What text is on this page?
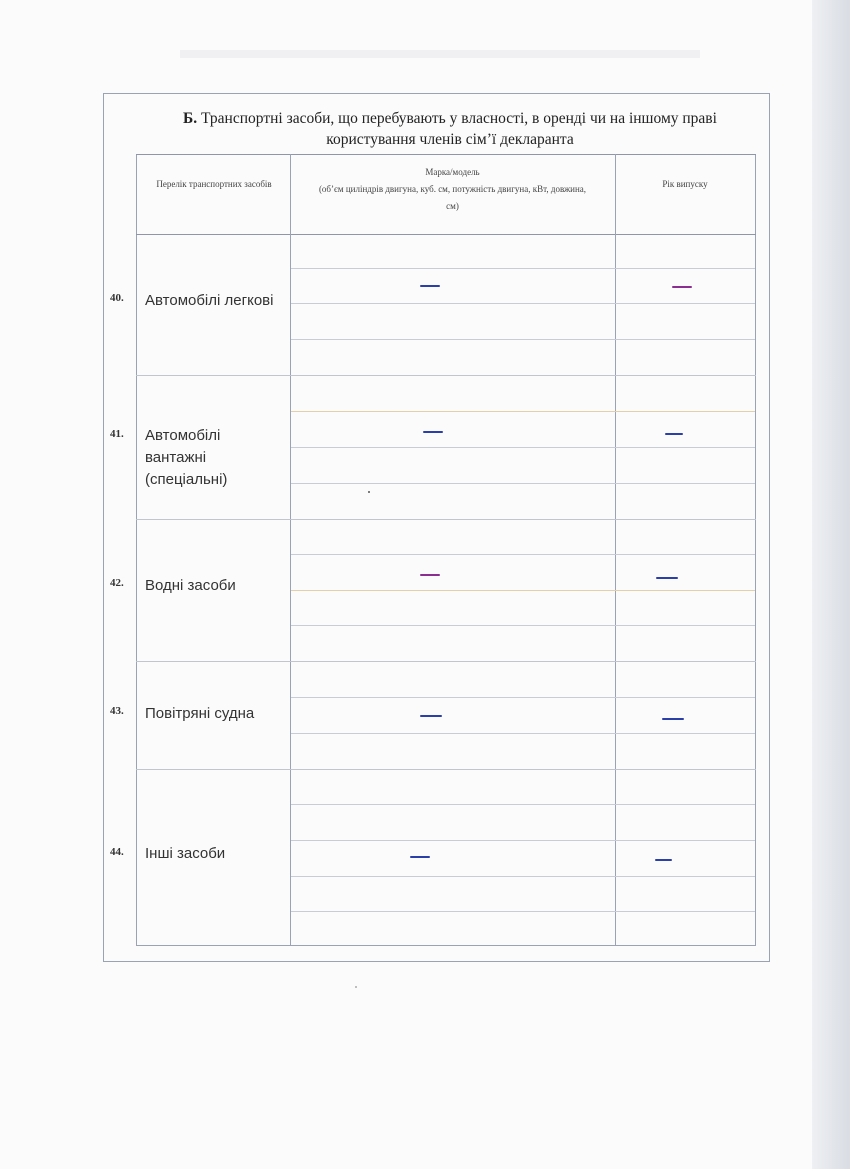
Б. Транспортні засоби, що перебувають у власності, в оренді чи на іншому праві користування членів сім’ї декларанта
Перелік транспортних засобів
Марка/модель
(об’єм циліндрів двигуна, куб. см, потужність двигуна, кВт, довжина, см)
Рік випуску
40. Автомобілі легкові
41. Автомобілі вантажні (спеціальні)
42. Водні засоби
43. Повітряні судна
44. Інші засоби
